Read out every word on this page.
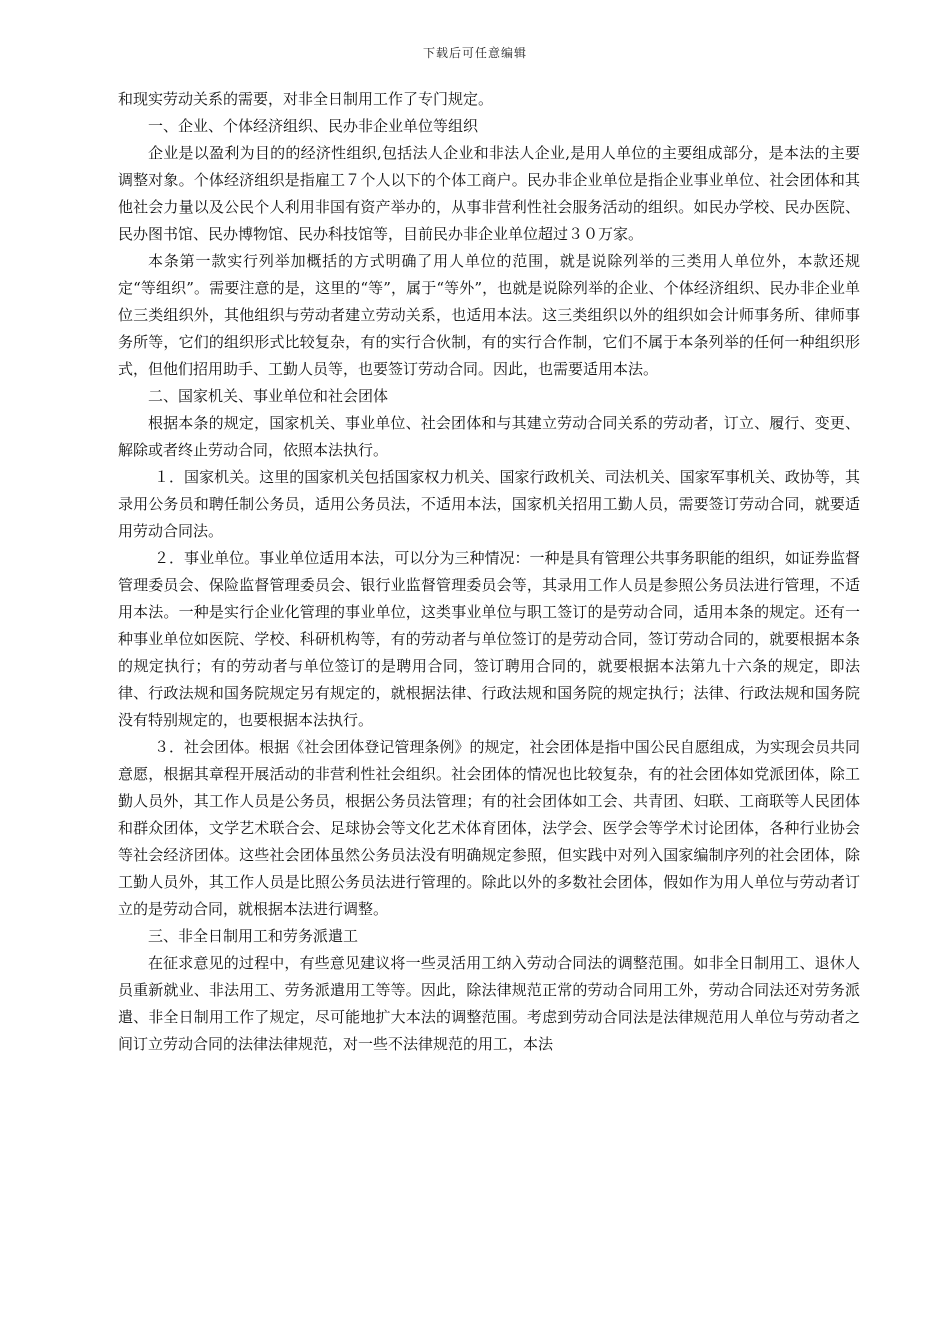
下载后可任意编辑

和现实劳动关系的需要，对非全日制用工作了专门规定。

一、企业、个体经济组织、民办非企业单位等组织

企业是以盈利为目的的经济性组织,包括法人企业和非法人企业,是用人单位的主要组成部分，是本法的主要调整对象。个体经济组织是指雇工７个人以下的个体工商户。民办非企业单位是指企业事业单位、社会团体和其他社会力量以及公民个人利用非国有资产举办的，从事非营利性社会服务活动的组织。如民办学校、民办医院、民办图书馆、民办博物馆、民办科技馆等，目前民办非企业单位超过３０万家。

本条第一款实行列举加概括的方式明确了用人单位的范围，就是说除列举的三类用人单位外，本款还规定“等组织”。需要注意的是，这里的“等”，属于“等外”，也就是说除列举的企业、个体经济组织、民办非企业单位三类组织外，其他组织与劳动者建立劳动关系，也适用本法。这三类组织以外的组织如会计师事务所、律师事务所等，它们的组织形式比较复杂，有的实行合伙制，有的实行合作制，它们不属于本条列举的任何一种组织形式，但他们招用助手、工勤人员等，也要签订劳动合同。因此，也需要适用本法。

二、国家机关、事业单位和社会团体

根据本条的规定，国家机关、事业单位、社会团体和与其建立劳动合同关系的劳动者，订立、履行、变更、解除或者终止劳动合同，依照本法执行。

１．国家机关。这里的国家机关包括国家权力机关、国家行政机关、司法机关、国家军事机关、政协等，其录用公务员和聘任制公务员，适用公务员法，不适用本法，国家机关招用工勤人员，需要签订劳动合同，就要适用劳动合同法。

２．事业单位。事业单位适用本法，可以分为三种情况：一种是具有管理公共事务职能的组织，如证券监督管理委员会、保险监督管理委员会、银行业监督管理委员会等，其录用工作人员是参照公务员法进行管理，不适用本法。一种是实行企业化管理的事业单位，这类事业单位与职工签订的是劳动合同，适用本条的规定。还有一种事业单位如医院、学校、科研机构等，有的劳动者与单位签订的是劳动合同，签订劳动合同的，就要根据本条的规定执行；有的劳动者与单位签订的是聘用合同，签订聘用合同的，就要根据本法第九十六条的规定，即法律、行政法规和国务院规定另有规定的，就根据法律、行政法规和国务院的规定执行；法律、行政法规和国务院没有特别规定的，也要根据本法执行。

３．社会团体。根据《社会团体登记管理条例》的规定，社会团体是指中国公民自愿组成，为实现会员共同意愿，根据其章程开展活动的非营利性社会组织。社会团体的情况也比较复杂，有的社会团体如党派团体，除工勤人员外，其工作人员是公务员，根据公务员法管理；有的社会团体如工会、共青团、妇联、工商联等人民团体和群众团体，文学艺术联合会、足球协会等文化艺术体育团体，法学会、医学会等学术讨论团体，各种行业协会等社会经济团体。这些社会团体虽然公务员法没有明确规定参照，但实践中对列入国家编制序列的社会团体，除工勤人员外，其工作人员是比照公务员法进行管理的。除此以外的多数社会团体，假如作为用人单位与劳动者订立的是劳动合同，就根据本法进行调整。

三、非全日制用工和劳务派遣工

在征求意见的过程中，有些意见建议将一些灵活用工纳入劳动合同法的调整范围。如非全日制用工、退休人员重新就业、非法用工、劳务派遣用工等等。因此，除法律规范正常的劳动合同用工外，劳动合同法还对劳务派遣、非全日制用工作了规定，尽可能地扩大本法的调整范围。考虑到劳动合同法是法律规范用人单位与劳动者之间订立劳动合同的法律法律规范，对一些不法律规范的用工，本法
